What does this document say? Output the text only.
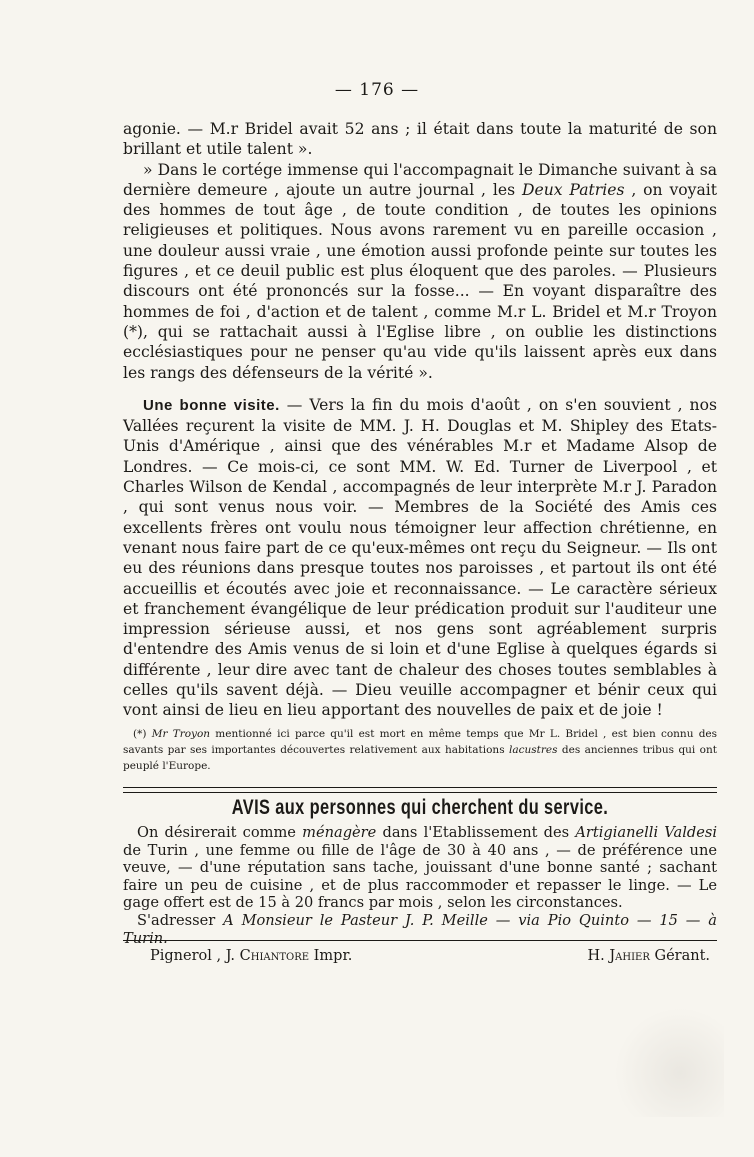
— 176 —

agonie. — M.r Bridel avait 52 ans ; il était dans toute la maturité de son brillant et utile talent ».

» Dans le cortége immense qui l'accompagnait le Dimanche suivant à sa dernière demeure , ajoute un autre journal , les Deux Patries , on voyait des hommes de tout âge , de toute condition , de toutes les opinions religieuses et politiques. Nous avons rarement vu en pareille occasion , une douleur aussi vraie , une émotion aussi profonde peinte sur toutes les figures , et ce deuil public est plus éloquent que des paroles. — Plusieurs discours ont été prononcés sur la fosse... — En voyant disparaître des hommes de foi , d'action et de talent , comme M.r L. Bridel et M.r Troyon (*), qui se rattachait aussi à l'Eglise libre , on oublie les distinctions ecclésiastiques pour ne penser qu'au vide qu'ils laissent après eux dans les rangs des défenseurs de la vérité ».

Une bonne visite. — Vers la fin du mois d'août , on s'en souvient , nos Vallées reçurent la visite de MM. J. H. Douglas et M. Shipley des Etats-Unis d'Amérique , ainsi que des vénérables M.r et Madame Alsop de Londres. — Ce mois-ci, ce sont MM. W. Ed. Turner de Liverpool , et Charles Wilson de Kendal , accompagnés de leur interprète M.r J. Paradon , qui sont venus nous voir. — Membres de la Société des Amis ces excellents frères ont voulu nous témoigner leur affection chrétienne, en venant nous faire part de ce qu'eux-mêmes ont reçu du Seigneur. — Ils ont eu des réunions dans presque toutes nos paroisses , et partout ils ont été accueillis et écoutés avec joie et reconnaissance. — Le caractère sérieux et franchement évangélique de leur prédication produit sur l'auditeur une impression sérieuse aussi, et nos gens sont agréablement surpris d'entendre des Amis venus de si loin et d'une Eglise à quelques égards si différente , leur dire avec tant de chaleur des choses toutes semblables à celles qu'ils savent déjà. — Dieu veuille accompagner et bénir ceux qui vont ainsi de lieu en lieu apportant des nouvelles de paix et de joie !

(*) Mr Troyon mentionné ici parce qu'il est mort en même temps que Mr L. Bridel , est bien connu des savants par ses importantes découvertes relativement aux habitations lacustres des anciennes tribus qui ont peuplé l'Europe.

AVIS aux personnes qui cherchent du service.

On désirerait comme ménagère dans l'Etablissement des Artigianelli Valdesi de Turin , une femme ou fille de l'âge de 30 à 40 ans , — de préférence une veuve, — d'une réputation sans tache, jouissant d'une bonne santé ; sachant faire un peu de cuisine , et de plus raccommoder et repasser le linge. — Le gage offert est de 15 à 20 francs par mois , selon les circonstances.

S'adresser A Monsieur le Pasteur J. P. Meille — via Pio Quinto — 15 — à Turin.

Pignerol , J. Chiantore Impr.	H. Jahier Gérant.
